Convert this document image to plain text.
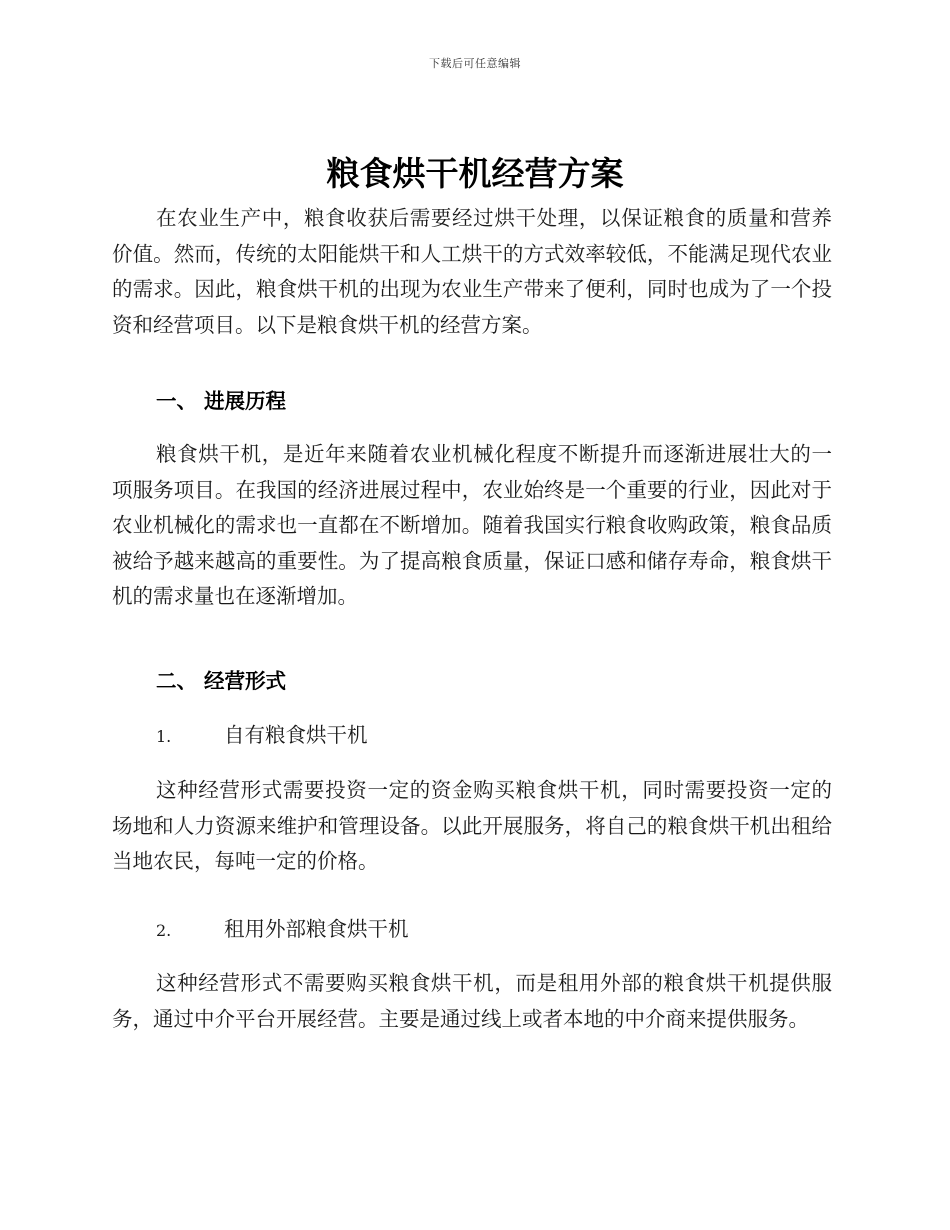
下载后可任意编辑
粮食烘干机经营方案

在农业生产中，粮食收获后需要经过烘干处理，以保证粮食的质量和营养价值。然而，传统的太阳能烘干和人工烘干的方式效率较低，不能满足现代农业的需求。因此，粮食烘干机的出现为农业生产带来了便利，同时也成为了一个投资和经营项目。以下是粮食烘干机的经营方案。

一、 进展历程

粮食烘干机，是近年来随着农业机械化程度不断提升而逐渐进展壮大的一项服务项目。在我国的经济进展过程中，农业始终是一个重要的行业，因此对于农业机械化的需求也一直都在不断增加。随着我国实行粮食收购政策，粮食品质被给予越来越高的重要性。为了提高粮食质量，保证口感和储存寿命，粮食烘干机的需求量也在逐渐增加。

二、 经营形式
1.	自有粮食烘干机

这种经营形式需要投资一定的资金购买粮食烘干机，同时需要投资一定的场地和人力资源来维护和管理设备。以此开展服务，将自己的粮食烘干机出租给当地农民，每吨一定的价格。

2.	租用外部粮食烘干机

这种经营形式不需要购买粮食烘干机，而是租用外部的粮食烘干机提供服务，通过中介平台开展经营。主要是通过线上或者本地的中介商来提供服务。
